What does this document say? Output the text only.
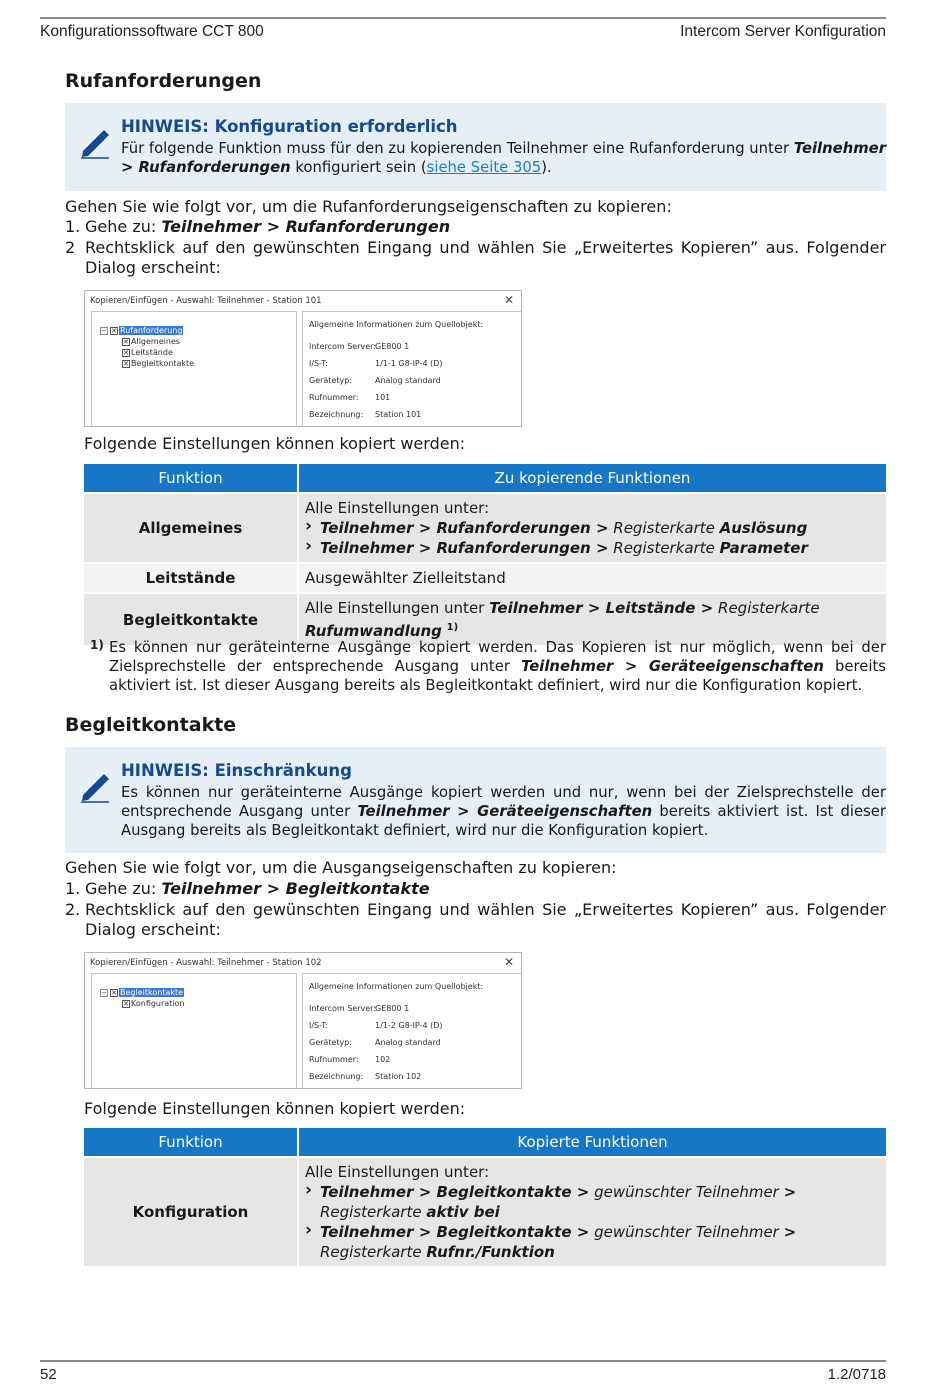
Konfigurationssoftware CCT 800	Intercom Server Konfiguration
Rufanforderungen
HINWEIS: Konfiguration erforderlich
Für folgende Funktion muss für den zu kopierenden Teilnehmer eine Rufanforderung unter Teilnehmer > Rufanforderungen konfiguriert sein (siehe Seite 305).
Gehen Sie wie folgt vor, um die Rufanforderungseigenschaften zu kopieren:
1. Gehe zu: Teilnehmer > Rufanforderungen
2 Rechtsklick auf den gewünschten Eingang und wählen Sie „Erweitertes Kopieren” aus. Folgender Dialog erscheint:
Kopieren/Einfügen - Auswahl: Teilnehmer - Station 101	✕
− ✕ Rufanforderung
✕ Allgemeines
✕ Leitstände
✕ Begleitkontakte
Allgemeine Informationen zum Quellobjekt:
Intercom Server:
GE800 1
I/S-T:	1/1-1 G8-IP-4 (D)
Gerätetyp:	Analog standard
Rufnummer: 101
Bezeichnung: Station 101
Folgende Einstellungen können kopiert werden:
Funktion	Zu kopierende Funktionen
Allgemeines	Alle Einstellungen unter:
› Teilnehmer > Rufanforderungen > Registerkarte Auslösung
› Teilnehmer > Rufanforderungen > Registerkarte Parameter

Leitstände	Ausgewählter Zielleitstand
Begleitkontakte	Alle Einstellungen unter Teilnehmer > Leitstände > Registerkarte
Rufumwandlung $^{1)}$
1) Es können nur geräteinterne Ausgänge kopiert werden. Das Kopieren ist nur möglich, wenn bei der Zielsprechstelle der entsprechende Ausgang unter Teilnehmer > Geräteeigenschaften bereits aktiviert ist. Ist dieser Ausgang bereits als Begleitkontakt definiert, wird nur die Konfiguration kopiert.
Begleitkontakte
HINWEIS: Einschränkung
Es können nur geräteinterne Ausgänge kopiert werden und nur, wenn bei der Zielsprechstelle der entsprechende Ausgang unter Teilnehmer > Geräteeigenschaften bereits aktiviert ist. Ist dieser Ausgang bereits als Begleitkontakt definiert, wird nur die Konfiguration kopiert.
Gehen Sie wie folgt vor, um die Ausgangseigenschaften zu kopieren:
1. Gehe zu: Teilnehmer > Begleitkontakte
2. Rechtsklick auf den gewünschten Eingang und wählen Sie „Erweitertes Kopieren” aus. Folgender Dialog erscheint:
Kopieren/Einfügen - Auswahl: Teilnehmer - Station 102	✕
− ✕ Begleitkontakte
✕ Konfiguration
Allgemeine Informationen zum Quellobjekt:
Intercom Server:
GE800 1
I/S-T:	1/1-2 G8-IP-4 (D)
Gerätetyp:	Analog standard
Rufnummer: 102
Bezeichnung: Station 102
Folgende Einstellungen können kopiert werden:
Funktion	Kopierte Funktionen
Konfiguration	Alle Einstellungen unter:
› Teilnehmer > Begleitkontakte > gewünschter Teilnehmer > Registerkarte aktiv bei
› Teilnehmer > Begleitkontakte > gewünschter Teilnehmer > Registerkarte Rufnr./Funktion
52	1.2/0718
